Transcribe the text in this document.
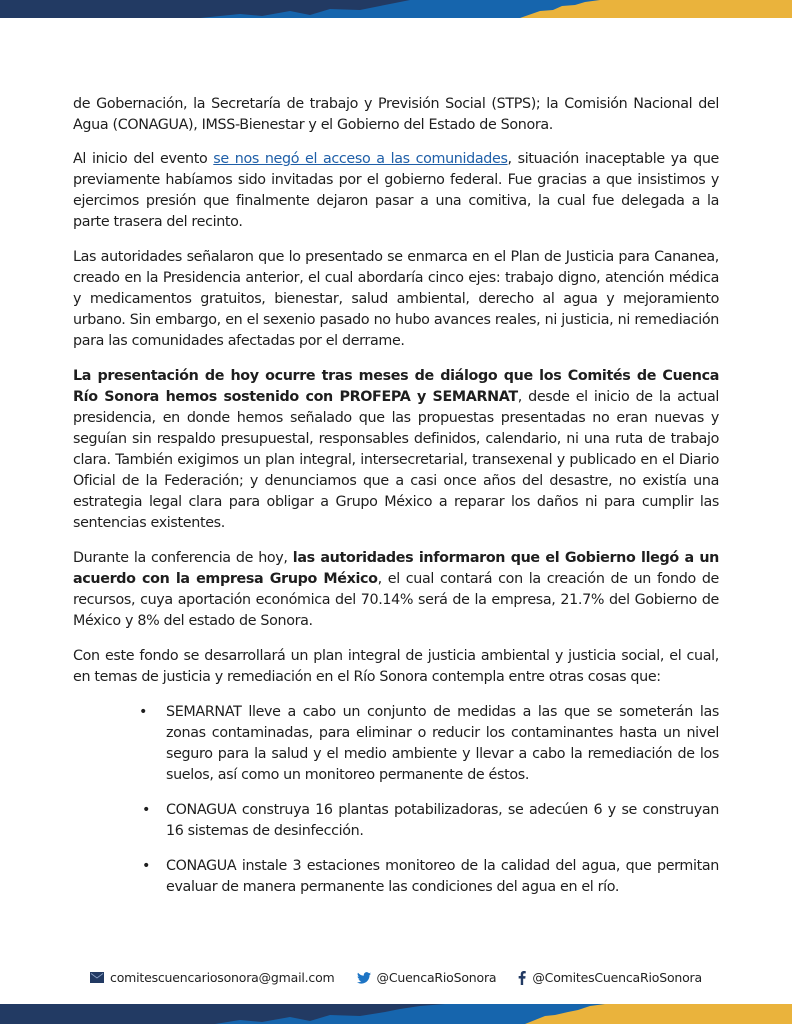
de Gobernación, la Secretaría de trabajo y Previsión Social (STPS); la Comisión Nacional del Agua (CONAGUA), IMSS-Bienestar y el Gobierno del Estado de Sonora.

Al inicio del evento se nos negó el acceso a las comunidades, situación inaceptable ya que previamente habíamos sido invitadas por el gobierno federal. Fue gracias a que insistimos y ejercimos presión que finalmente dejaron pasar a una comitiva, la cual fue delegada a la parte trasera del recinto.

Las autoridades señalaron que lo presentado se enmarca en el Plan de Justicia para Cananea, creado en la Presidencia anterior, el cual abordaría cinco ejes: trabajo digno, atención médica y medicamentos gratuitos, bienestar, salud ambiental, derecho al agua y mejoramiento urbano. Sin embargo, en el sexenio pasado no hubo avances reales, ni justicia, ni remediación para las comunidades afectadas por el derrame.

La presentación de hoy ocurre tras meses de diálogo que los Comités de Cuenca Río Sonora hemos sostenido con PROFEPA y SEMARNAT, desde el inicio de la actual presidencia, en donde hemos señalado que las propuestas presentadas no eran nuevas y seguían sin respaldo presupuestal, responsables definidos, calendario, ni una ruta de trabajo clara. También exigimos un plan integral, intersecretarial, transexenal y publicado en el Diario Oficial de la Federación; y denunciamos que a casi once años del desastre, no existía una estrategia legal clara para obligar a Grupo México a reparar los daños ni para cumplir las sentencias existentes.

Durante la conferencia de hoy, las autoridades informaron que el Gobierno llegó a un acuerdo con la empresa Grupo México, el cual contará con la creación de un fondo de recursos, cuya aportación económica del 70.14% será de la empresa, 21.7% del Gobierno de México y 8% del estado de Sonora.

Con este fondo se desarrollará un plan integral de justicia ambiental y justicia social, el cual, en temas de justicia y remediación en el Río Sonora contempla entre otras cosas que:

• SEMARNAT lleve a cabo un conjunto de medidas a las que se someterán las zonas contaminadas, para eliminar o reducir los contaminantes hasta un nivel seguro para la salud y el medio ambiente y llevar a cabo la remediación de los suelos, así como un monitoreo permanente de éstos.
• CONAGUA construya 16 plantas potabilizadoras, se adecúen 6 y se construyan 16 sistemas de desinfección.
• CONAGUA instale 3 estaciones monitoreo de la calidad del agua, que permitan evaluar de manera permanente las condiciones del agua en el río.
comitescuencariosonora@gmail.com	@CuencaRioSonora	@ComitesCuencaRioSonora
